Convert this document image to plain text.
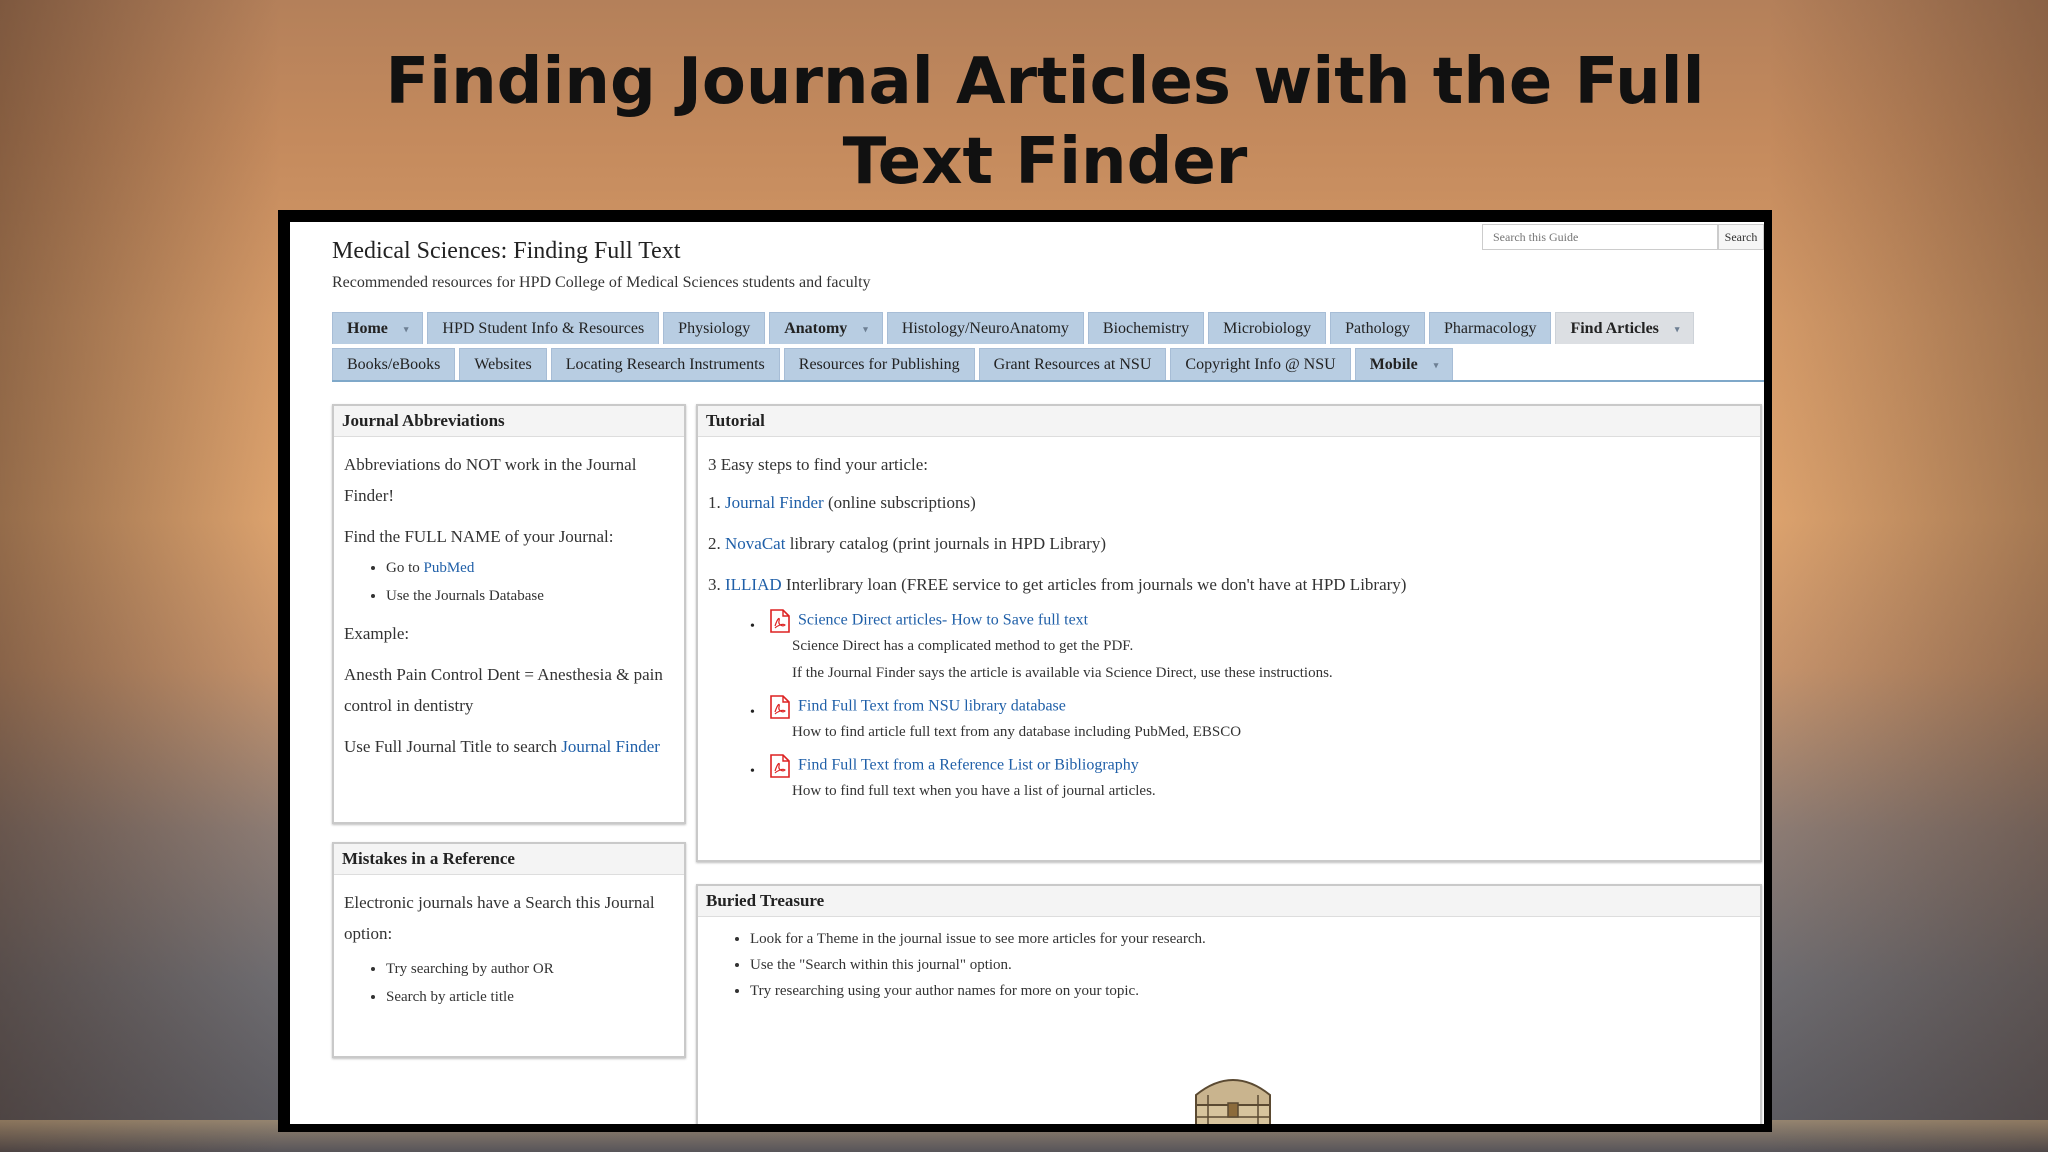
Finding Journal Articles with the Full Text Finder
Medical Sciences: Finding Full Text
Recommended resources for HPD College of Medical Sciences students and faculty
Search this Guide
Search
Home ▾	HPD Student Info & Resources	Physiology	Anatomy ▾	Histology/NeuroAnatomy	Biochemistry	Microbiology	Pathology	Pharmacology	Find Articles ▾
Books/eBooks	Websites	Locating Research Instruments	Resources for Publishing	Grant Resources at NSU	Copyright Info @ NSU	Mobile ▾
Journal Abbreviations

Abbreviations do NOT work in the Journal Finder!

Find the FULL NAME of your Journal:

• Go to PubMed
• Use the Journals Database

Example:

Anesth Pain Control Dent = Anesthesia & pain control in dentistry

Use Full Journal Title to search Journal Finder

Mistakes in a Reference

Electronic journals have a Search this Journal option:

• Try searching by author OR
• Search by article title
Tutorial

3 Easy steps to find your article:

1. Journal Finder (online subscriptions)
2. NovaCat library catalog (print journals in HPD Library)
3. ILLIAD Interlibrary loan (FREE service to get articles from journals we don't have at HPD Library)
•	Science Direct articles- How to Save full text
Science Direct has a complicated method to get the PDF.
If the Journal Finder says the article is available via Science Direct, use these instructions.
•	Find Full Text from NSU library database
How to find article full text from any database including PubMed, EBSCO
•	Find Full Text from a Reference List or Bibliography
How to find full text when you have a list of journal articles.
Buried Treasure
• Look for a Theme in the journal issue to see more articles for your research.
• Use the "Search within this journal" option.
• Try researching using your author names for more on your topic.
